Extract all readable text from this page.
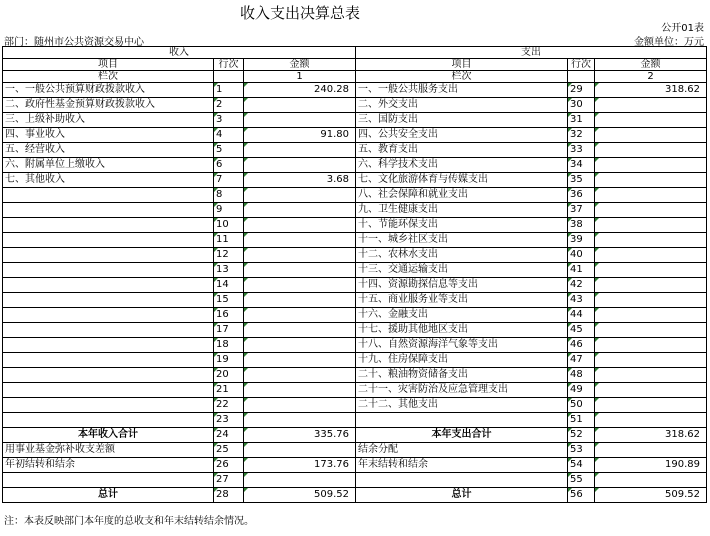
收入支出决算总表
公开01表
部门：随州市公共资源交易中心	金额单位：万元
收入			支出		
项目	行次	金额	项目	行次	金额
栏次		1	栏次		2
一、一般公共预算财政拨款收入	1	240.28	一、一般公共服务支出	29	318.62
二、政府性基金预算财政拨款收入	2		二、外交支出	30	
三、上级补助收入	3		三、国防支出	31	
四、事业收入	4	91.80	四、公共安全支出	32	
五、经营收入	5		五、教育支出	33	
六、附属单位上缴收入	6		六、科学技术支出	34	
七、其他收入	7	3.68	七、文化旅游体育与传媒支出	35	
	8		八、社会保障和就业支出	36	
	9		九、卫生健康支出	37	
	10		十、节能环保支出	38	
	11		十一、城乡社区支出	39	
	12		十二、农林水支出	40	
	13		十三、交通运输支出	41	
	14		十四、资源勘探信息等支出	42	
	15		十五、商业服务业等支出	43	
	16		十六、金融支出	44	
	17		十七、援助其他地区支出	45	
	18		十八、自然资源海洋气象等支出	46	
	19		十九、住房保障支出	47	
	20		二十、粮油物资储备支出	48	
	21		二十一、灾害防治及应急管理支出	49	
	22		二十二、其他支出	50	
	23			51	
本年收入合计	24	335.76	本年支出合计	52	318.62
用事业基金弥补收支差额	25		结余分配	53	
年初结转和结余	26	173.76	年末结转和结余	54	190.89
	27			55	
总计	28	509.52	总计	56	509.52
注：本表反映部门本年度的总收支和年末结转结余情况。
